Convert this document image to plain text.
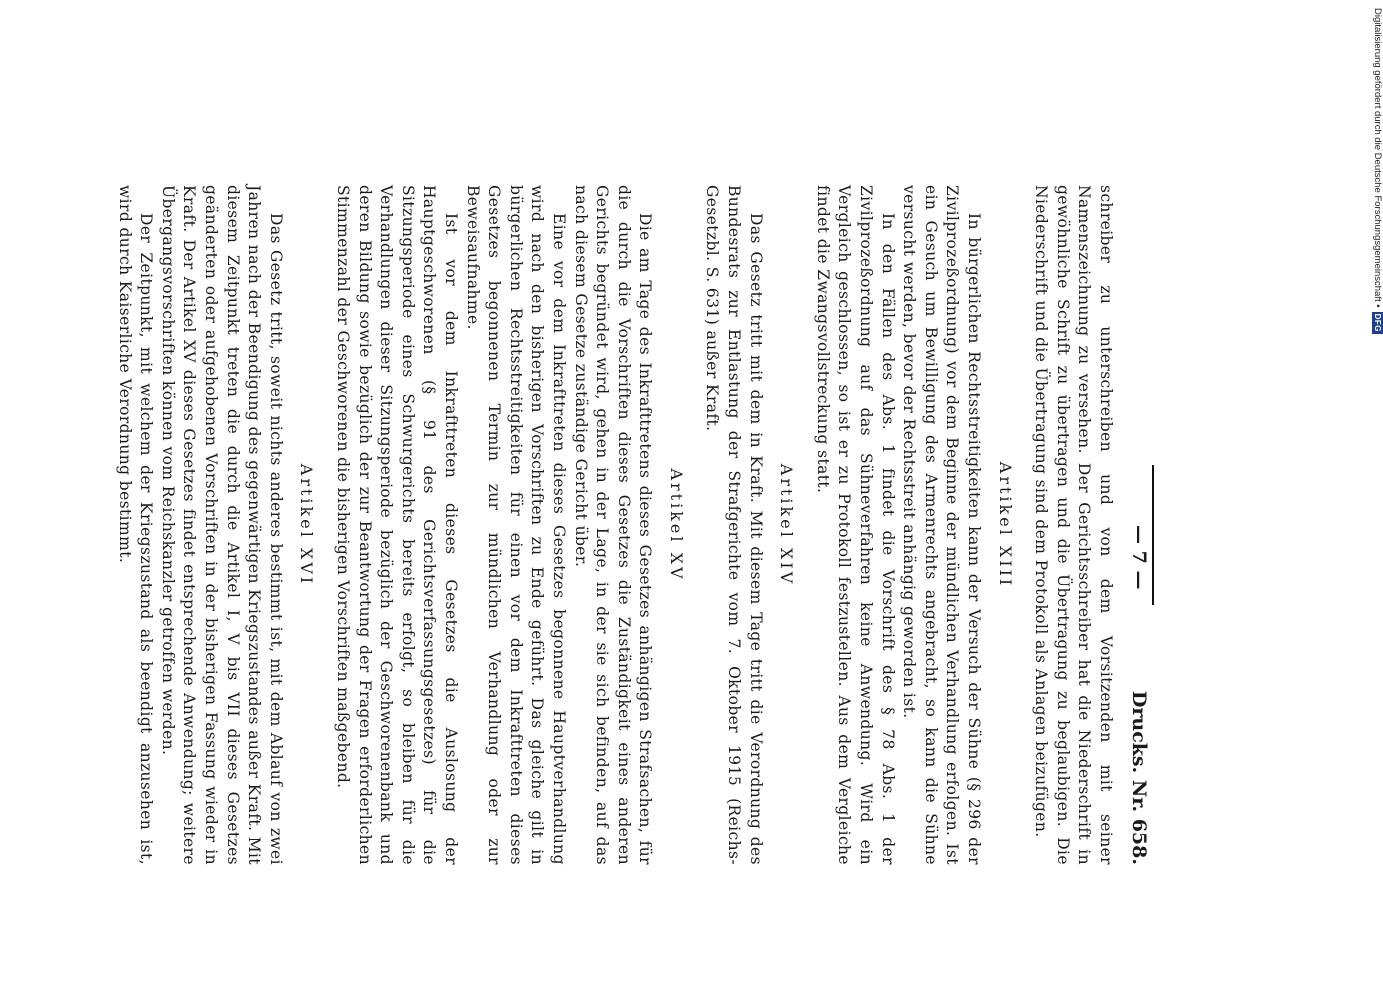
— 7 —
Drucks. Nr. 658.

schreiber zu unterschreiben und von dem Vorsitzenden mit seiner Namenszeichnung zu versehen. Der Gerichtsschreiber hat die Niederschrift in gewöhnliche Schrift zu übertragen und die Übertragung zu beglaubigen. Die Niederschrift und die Übertragung sind dem Protokoll als Anlagen beizufügen.

Artikel XIII

In bürgerlichen Rechtsstreitigkeiten kann der Versuch der Sühne (§ 296 der Zivilprozeßordnung) vor dem Beginne der mündlichen Verhandlung erfolgen. Ist ein Gesuch um Bewilligung des Armenrechts angebracht, so kann die Sühne versucht werden, bevor der Rechtsstreit anhängig geworden ist.

In den Fällen des Abs. 1 findet die Vorschrift des § 78 Abs. 1 der Zivilprozeßordnung auf das Sühneverfahren keine Anwendung. Wird ein Vergleich geschlossen, so ist er zu Protokoll festzustellen. Aus dem Vergleiche findet die Zwangsvollstreckung statt.

Artikel XIV

Das Gesetz tritt mit dem in Kraft. Mit diesem Tage tritt die Verordnung des Bundesrats zur Entlastung der Strafgerichte vom 7. Oktober 1915 (Reichs-Gesetzbl. S. 631) außer Kraft.

Artikel XV

Die am Tage des Inkrafttretens dieses Gesetzes anhängigen Strafsachen, für die durch die Vorschriften dieses Gesetzes die Zuständigkeit eines anderen Gerichts begründet wird, gehen in der Lage, in der sie sich befinden, auf das nach diesem Gesetze zuständige Gericht über.

Eine vor dem Inkrafttreten dieses Gesetzes begonnene Hauptverhandlung wird nach den bisherigen Vorschriften zu Ende geführt. Das gleiche gilt in bürgerlichen Rechtsstreitigkeiten für einen vor dem Inkrafttreten dieses Gesetzes begonnenen Termin zur mündlichen Verhandlung oder zur Beweisaufnahme.

Ist vor dem Inkrafttreten dieses Gesetzes die Auslosung der Hauptgeschworenen (§ 91 des Gerichtsverfassungsgesetzes) für die Sitzungsperiode eines Schwurgerichts bereits erfolgt, so bleiben für die Verhandlungen dieser Sitzungsperiode bezüglich der Geschworenenbank und deren Bildung sowie bezüglich der zur Beantwortung der Fragen erforderlichen Stimmenzahl der Geschworenen die bisherigen Vorschriften maßgebend.

Artikel XVI

Das Gesetz tritt, soweit nichts anderes bestimmt ist, mit dem Ablauf von zwei Jahren nach der Beendigung des gegenwärtigen Kriegszustandes außer Kraft. Mit diesem Zeitpunkt treten die durch die Artikel I, V bis VII dieses Gesetzes geänderten oder aufgehobenen Vorschriften in der bisherigen Fassung wieder in Kraft. Der Artikel XV dieses Gesetzes findet entsprechende Anwendung; weitere Übergangsvorschriften können vom Reichskanzler getroffen werden.

Der Zeitpunkt, mit welchem der Kriegszustand als beendigt anzusehen ist, wird durch Kaiserliche Verordnung bestimmt.

Digitalisierung gefördert durch die Deutsche Forschungsgemeinschaft •
DFG
